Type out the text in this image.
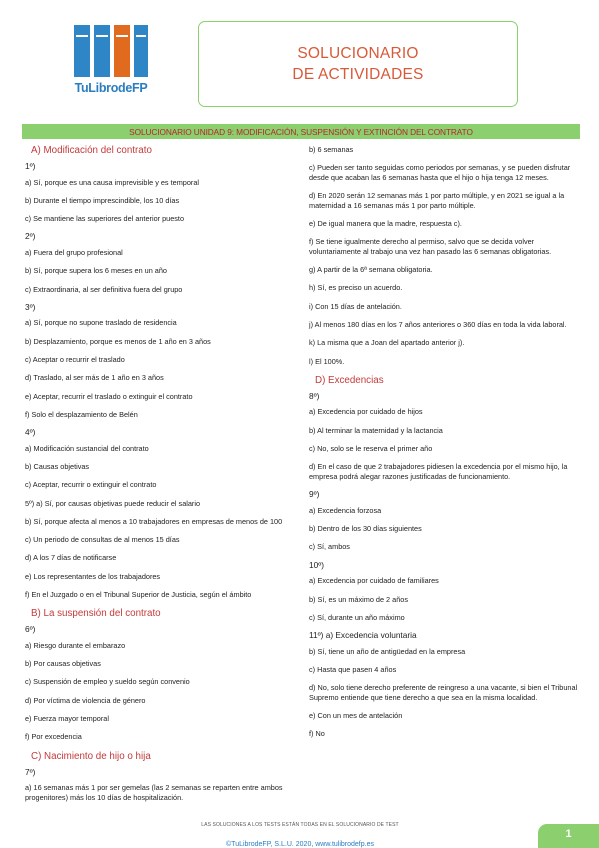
TuLibrodeFP
SOLUCIONARIO
DE ACTIVIDADES
SOLUCIONARIO UNIDAD 9: MODIFICACIÓN, SUSPENSIÓN Y EXTINCIÓN DEL CONTRATO
A) Modificación del contrato

1º)

a) Sí, porque es una causa imprevisible y es temporal

b) Durante el tiempo imprescindible, los 10 días

c) Se mantiene las superiores del anterior puesto

2º)

a) Fuera del grupo profesional

b) Sí, porque supera los 6 meses en un año

c) Extraordinaria, al ser definitiva fuera del grupo

3º)

a) Sí, porque no supone traslado de residencia

b) Desplazamiento, porque es menos de 1 año en 3 años

c) Aceptar o recurrir el traslado

d) Traslado, al ser más de 1 año en 3 años

e) Aceptar, recurrir el traslado o extinguir el contrato

f) Solo el desplazamiento de Belén

4º)

a) Modificación sustancial del contrato

b) Causas objetivas

c) Aceptar, recurrir o extinguir el contrato

5º) a) Sí, por causas objetivas puede reducir el salario

b) Sí, porque afecta al menos a 10 trabajadores en empresas de menos de 100

c) Un periodo de consultas de al menos 15 días

d) A los 7 días de notificarse

e) Los representantes de los trabajadores

f) En el Juzgado o en el Tribunal Superior de Justicia, según el ámbito

B) La suspensión del contrato

6º)

a) Riesgo durante el embarazo

b) Por causas objetivas

c) Suspensión de empleo y sueldo según convenio

d) Por víctima de violencia de género

e) Fuerza mayor temporal

f) Por excedencia

C) Nacimiento de hijo o hija

7º)

a) 16 semanas más 1 por ser gemelas (las 2 semanas se reparten entre ambos progenitores) más los 10 días de hospitalización.

b) 6 semanas

c) Pueden ser tanto seguidas como periodos por semanas, y se pueden disfrutar desde que acaban las 6 semanas hasta que el hijo o hija tenga 12 meses.

d) En 2020 serán 12 semanas más 1 por parto múltiple, y en 2021 se igual a la maternidad a 16 semanas más 1 por parto múltiple.

e) De igual manera que la madre, respuesta c).

f) Se tiene igualmente derecho al permiso, salvo que se decida volver voluntariamente al trabajo una vez han pasado las 6 semanas obligatorias.

g) A partir de la 6ª semana obligatoria.

h) Sí, es preciso un acuerdo.

i) Con 15 días de antelación.

j) Al menos 180 días en los 7 años anteriores o 360 días en toda la vida laboral.

k) La misma que a Joan del apartado anterior j).

l) El 100%.

D) Excedencias

8º)

a) Excedencia por cuidado de hijos

b) Al terminar la maternidad y la lactancia

c) No, solo se le reserva el primer año

d) En el caso de que 2 trabajadores pidiesen la excedencia por el mismo hijo, la empresa podrá alegar razones justificadas de funcionamiento.

9º)

a) Excedencia forzosa

b) Dentro de los 30 días siguientes

c) Sí, ambos

10º)

a) Excedencia por cuidado de familiares

b) Sí, es un máximo de 2 años

c) Sí, durante un año máximo

11º) a) Excedencia voluntaria

b) Sí, tiene un año de antigüedad en la empresa

c) Hasta que pasen 4 años

d) No, solo tiene derecho preferente de reingreso a una vacante, si bien el Tribunal Supremo entiende que tiene derecho a que sea en la misma localidad.

e) Con un mes de antelación

f) No

LAS SOLUCIONES A LOS TESTS ESTÁN TODAS EN EL SOLUCIONARIO DE TEST
1
©TuLibrodeFP, S.L.U. 2020, www.tulibrodefp.es
